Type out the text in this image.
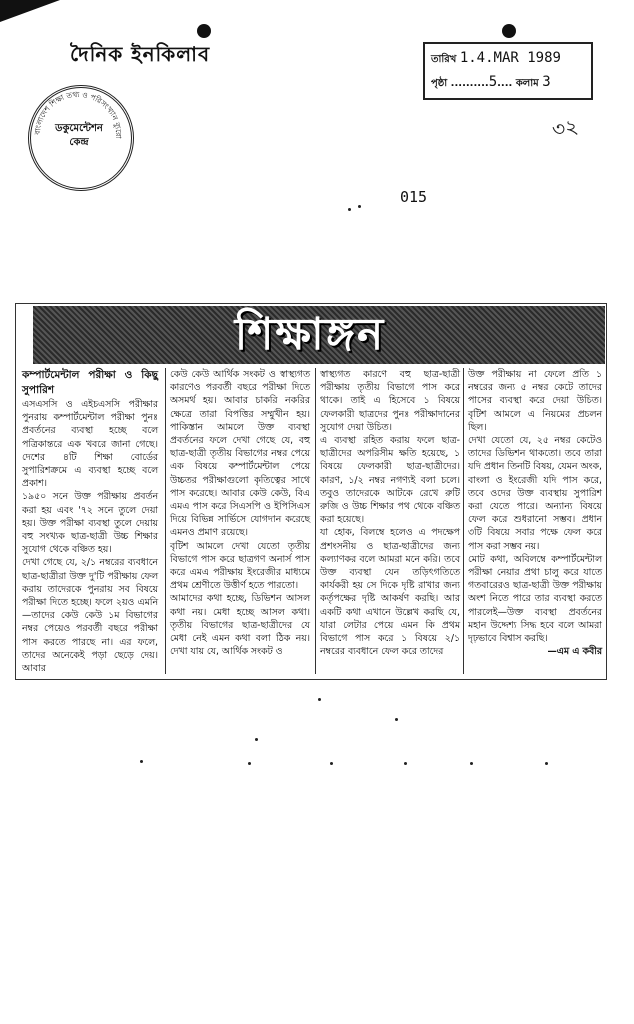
দৈনিক ইনকিলাব
বাংলাদেশ শিক্ষা তথ্য ও পরিসংখ্যান ব্যুরো
ডকুমেন্টেশন
কেন্দ্র
তারিখ 1.4.MAR 1989
পৃষ্ঠা ..........5.... কলাম 3
৩২
015
শিক্ষাঙ্গন

কম্পার্টমেন্টাল পরীক্ষা ও কিছু সুপারিশ

এসএসসি ও এইচএসসি পরীক্ষার পুনরায় কম্পার্টমেন্টাল পরীক্ষা পুনঃ প্রবর্তনের ব্যবস্থা হচ্ছে বলে পত্রিকান্তরে এক খবরে জানা গেছে। দেশের ৪টি শিক্ষা বোর্ডের সুপারিশক্রমে এ ব্যবস্থা হচ্ছে বলে প্রকাশ।

১৯৫০ সনে উক্ত পরীক্ষায় প্রবর্তন করা হয় এবং '৭২ সনে তুলে দেয়া হয়। উক্ত পরীক্ষা ব্যবস্থা তুলে দেয়ায় বহু সংখ্যক ছাত্র-ছাত্রী উচ্চ শিক্ষার সুযোগ থেকে বঞ্চিত হয়।

দেখা গেছে যে, ২/১ নম্বরের ব্যবধানে ছাত্র-ছাত্রীরা উক্ত দু'টি পরীক্ষায় ফেল করায় তাদেরকে পুনরায় সব বিষয়ে পরীক্ষা দিতে হচ্ছে। ফলে ২য়ও এমনি—তাদের কেউ কেউ ১ম বিভাগের নম্বর পেয়েও পরবর্তী বছরে পরীক্ষা পাস করতে পারছে না। এর ফলে, তাদের অনেকেই পড়া ছেড়ে দেয়। আবার

কেউ কেউ আর্থিক সংকট ও স্বাস্থ্যগত কারণেও পরবর্তী বছরে পরীক্ষা দিতে অসমর্থ হয়। আবার চাকরি নকরির ক্ষেত্রে তারা বিপত্তির সম্মুখীন হয়। পাকিস্তান আমলে উক্ত ব্যবস্থা প্রবর্তনের ফলে দেখা গেছে যে, বহু ছাত্র-ছাত্রী তৃতীয় বিভাগের নম্বর পেয়ে এক বিষয়ে কম্পার্টমেন্টাল পেয়ে উচ্চতর পরীক্ষাগুলো কৃতিত্বের সাথে পাস করেছে। আবার কেউ কেউ, বিএ এমএ পাস করে সিএসপি ও ইপিসিএস দিয়ে বিভিন্ন সার্ভিসে যোগদান করেছে এমনও প্রমাণ রয়েছে।

বৃটিশ আমলে দেখা যেতো তৃতীয় বিভাগে পাস করে ছাত্রগণ অনার্স পাস করে এমএ পরীক্ষায় ইংরেজীর মাধ্যমে প্রথম শ্রেণীতে উত্তীর্ণ হতে পারতো।

আমাদের কথা হচ্ছে, ডিভিশন আসল কথা নয়। মেধা হচ্ছে আসল কথা। তৃতীয় বিভাগের ছাত্র-ছাত্রীদের যে মেধা নেই এমন কথা বলা ঠিক নয়। দেখা যায় যে, আর্থিক সংকট ও

স্বাস্থ্যগত কারণে বহু ছাত্র-ছাত্রী পরীক্ষায় তৃতীয় বিভাগে পাস করে থাকে। তাই এ হিসেবে ১ বিষয়ে ফেলকারী ছাত্রদের পুনঃ পরীক্ষাদানের সুযোগ দেয়া উচিত।

এ ব্যবস্থা রহিত করায় ফলে ছাত্র-ছাত্রীদের অপরিসীম ক্ষতি হয়েছে, ১ বিষয়ে ফেলকারী ছাত্র-ছাত্রীদের। কারণ, ১/২ নম্বর নগণ্যই বলা চলে। তবুও তাদেরকে আটকে রেখে রুটি রুজি ও উচ্চ শিক্ষার পথ থেকে বঞ্চিত করা হয়েছে।

যা হোক, বিলম্বে হলেও এ পদক্ষেপ প্রশংসনীয় ও ছাত্র-ছাত্রীদের জন্য কল্যাণকর বলে আমরা মনে করি। তবে উক্ত ব্যবস্থা যেন তড়িৎগতিতে কার্যকরী হয় সে দিকে দৃষ্টি রাখার জন্য কর্তৃপক্ষের দৃষ্টি আকর্ষণ করছি। আর একটি কথা এখানে উল্লেখ করছি যে, যারা লেটার পেয়ে এমন কি প্রথম বিভাগে পাস করে ১ বিষয়ে ২/১ নম্বরের ব্যবধানে ফেল করে তাদের

উক্ত পরীক্ষায় না ফেলে প্রতি ১ নম্বরের জন্য ৫ নম্বর কেটে তাদের পাসের ব্যবস্থা করে দেয়া উচিত। বৃটিশ আমলে এ নিয়মের প্রচলন ছিল।

দেখা যেতো যে, ২৫ নম্বর কেটেও তাদের ডিভিশন থাকতো। তবে তারা যদি প্রধান তিনটি বিষয়, যেমন অংক, বাংলা ও ইংরেজী যদি পাস করে, তবে ওদের উক্ত ব্যবস্থায় সুপারিশ করা যেতে পারে। অন্যান্য বিষয়ে ফেল করে শুধরানো সম্ভব। প্রধান ৩টি বিষয়ে সবার পক্ষে ফেল করে পাস করা সম্ভব নয়।

মোট কথা, অবিলম্বে কম্পার্টমেন্টাল পরীক্ষা নেয়ার প্রথা চালু করে যাতে গতবারেরও ছাত্র-ছাত্রী উক্ত পরীক্ষায় অংশ নিতে পারে তার ব্যবস্থা করতে পারলেই—উক্ত ব্যবস্থা প্রবর্তনের মহান উদ্দেশ্য সিদ্ধ হবে বলে আমরা দৃঢ়ভাবে বিশ্বাস করছি।

—এম এ কবীর
